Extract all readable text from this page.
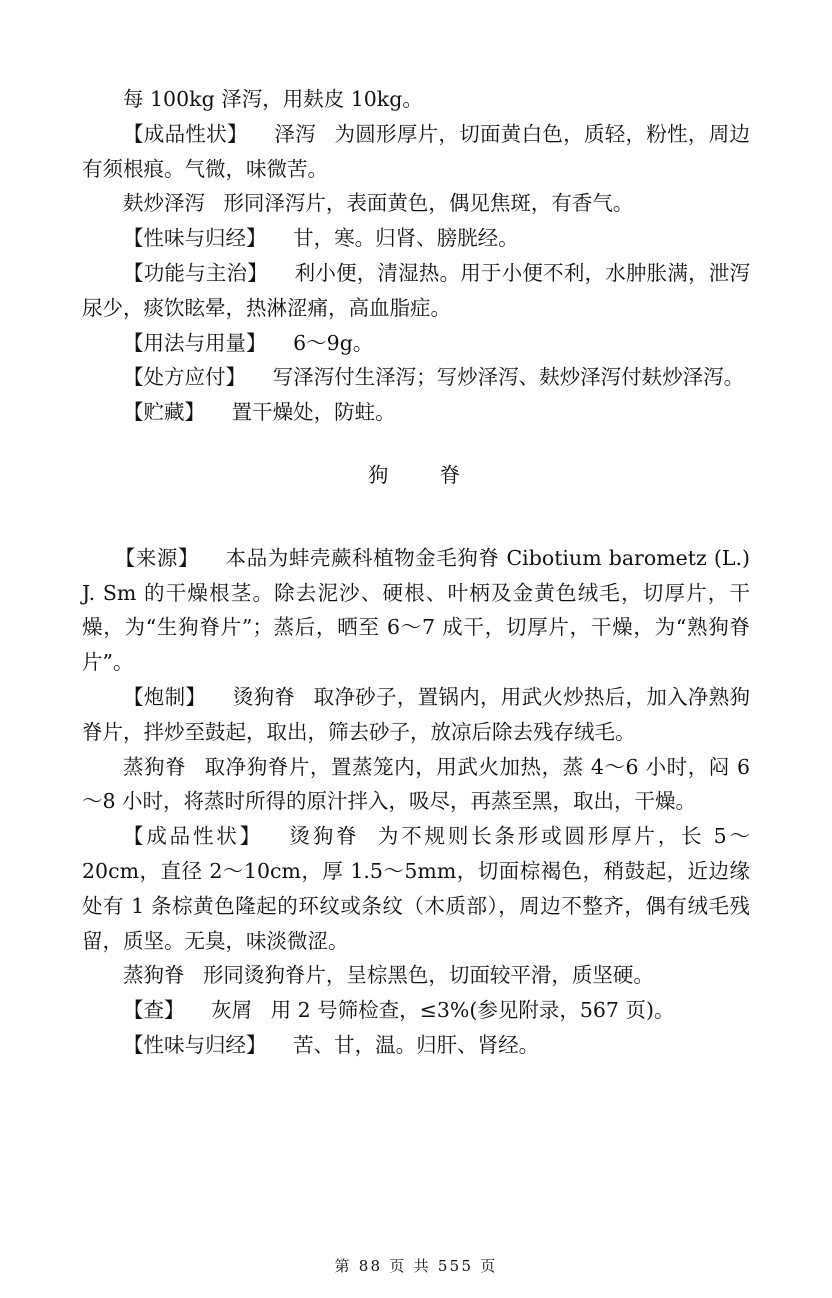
每 100kg 泽泻，用麸皮 10kg。

【成品性状】 泽泻 为圆形厚片，切面黄白色，质轻，粉性，周边有须根痕。气微，味微苦。

麸炒泽泻 形同泽泻片，表面黄色，偶见焦斑，有香气。

【性味与归经】 甘，寒。归肾、膀胱经。

【功能与主治】 利小便，清湿热。用于小便不利，水肿胀满，泄泻尿少，痰饮眩晕，热淋涩痛，高血脂症。

【用法与用量】 6～9g。

【处方应付】 写泽泻付生泽泻；写炒泽泻、麸炒泽泻付麸炒泽泻。

【贮藏】 置干燥处，防蛀。

狗 脊

【来源】 本品为蚌壳蕨科植物金毛狗脊 Cibotium barometz (L.) J. Sm 的干燥根茎。除去泥沙、硬根、叶柄及金黄色绒毛，切厚片，干燥，为“生狗脊片”；蒸后，晒至 6～7 成干，切厚片，干燥，为“熟狗脊片”。

【炮制】 烫狗脊 取净砂子，置锅内，用武火炒热后，加入净熟狗脊片，拌炒至鼓起，取出，筛去砂子，放凉后除去残存绒毛。

蒸狗脊 取净狗脊片，置蒸笼内，用武火加热，蒸 4～6 小时，闷 6～8 小时，将蒸时所得的原汁拌入，吸尽，再蒸至黑，取出，干燥。

【成品性状】 烫狗脊 为不规则长条形或圆形厚片，长 5～20cm，直径 2～10cm，厚 1.5～5mm，切面棕褐色，稍鼓起，近边缘处有 1 条棕黄色隆起的环纹或条纹（木质部），周边不整齐，偶有绒毛残留，质坚。无臭，味淡微涩。

蒸狗脊 形同烫狗脊片，呈棕黑色，切面较平滑，质坚硬。

【查】 灰屑 用 2 号筛检查，≤3%(参见附录，567 页)。

【性味与归经】 苦、甘，温。归肝、肾经。

第 88 页 共 555 页
